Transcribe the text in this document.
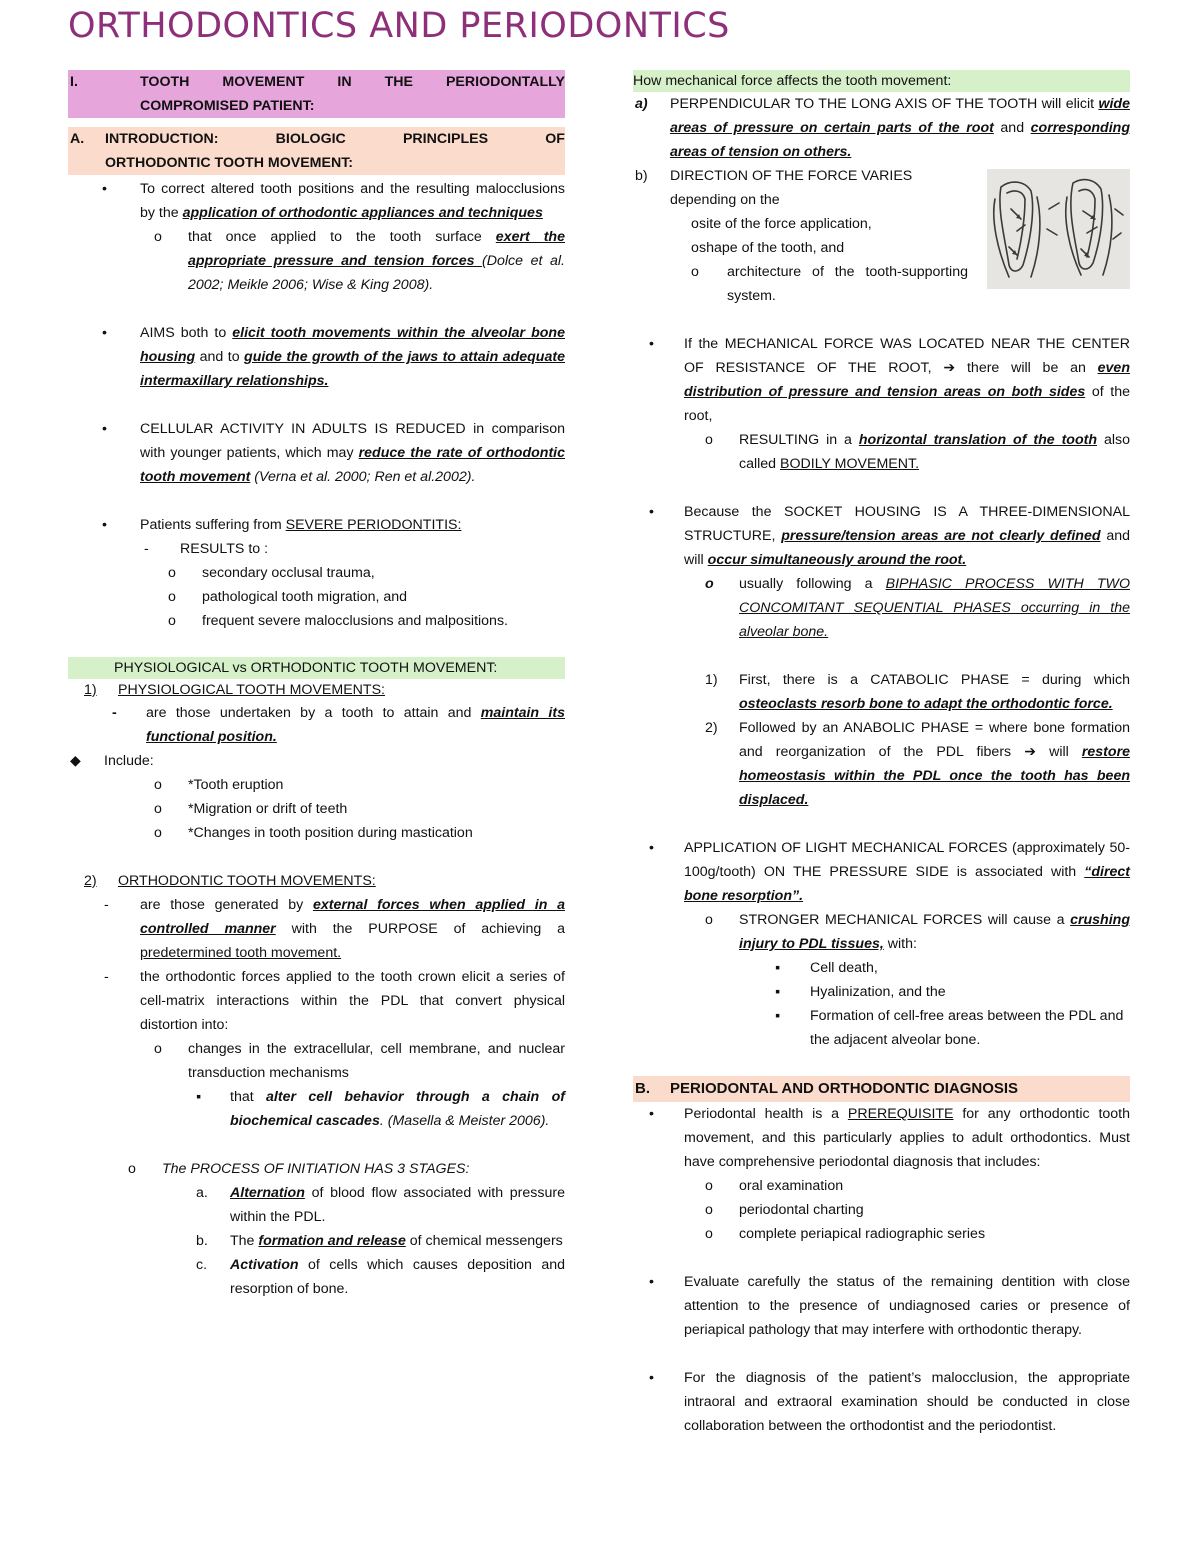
ORTHODONTICS AND PERIODONTICS
I.	TOOTH MOVEMENT IN THE PERIODONTALLY
COMPROMISED PATIENT:
A. INTRODUCTION:	BIOLOGIC	PRINCIPLES	OF
ORTHODONTIC TOOTH MOVEMENT:
• To correct altered tooth positions and the resulting malocclusions by the application of orthodontic appliances and techniques
o that once applied to the tooth surface exert the appropriate pressure and tension forces (Dolce et al. 2002; Meikle 2006; Wise & King 2008).
• AIMS both to elicit tooth movements within the alveolar bone housing and to guide the growth of the jaws to attain adequate intermaxillary relationships.
• CELLULAR ACTIVITY IN ADULTS IS REDUCED in comparison with younger patients, which may reduce the rate of orthodontic tooth movement (Verna et al. 2000; Ren et al.2002).
• Patients suffering from SEVERE PERIODONTITIS:
- RESULTS to :
o secondary occlusal trauma,
o pathological tooth migration, and
o frequent severe malocclusions and malpositions.
PHYSIOLOGICAL vs ORTHODONTIC TOOTH MOVEMENT:
1) PHYSIOLOGICAL TOOTH MOVEMENTS:
- are those undertaken by a tooth to attain and maintain its functional position.
◆ Include:
o *Tooth eruption
o *Migration or drift of teeth
o *Changes in tooth position during mastication
2) ORTHODONTIC TOOTH MOVEMENTS:
- are those generated by external forces when applied in a controlled manner with the PURPOSE of achieving a predetermined tooth movement.
- the orthodontic forces applied to the tooth crown elicit a series of cell-matrix interactions within the PDL that convert physical distortion into:
o changes in the extracellular, cell membrane, and nuclear transduction mechanisms
▪ that alter cell behavior through a chain of biochemical cascades. (Masella & Meister 2006).
o The PROCESS OF INITIATION HAS 3 STAGES:
a. Alternation of blood flow associated with pressure within the PDL.
b. The formation and release of chemical messengers
c. Activation of cells which causes deposition and resorption of bone.
How mechanical force affects the tooth movement:
a) PERPENDICULAR TO THE LONG AXIS OF THE TOOTH will elicit wide areas of pressure on certain parts of the root and corresponding areas of tension on others.
b) DIRECTION OF THE FORCE VARIES depending on the
o site of the force application,
o shape of the tooth, and
o architecture of the tooth-supporting system.
• If the MECHANICAL FORCE WAS LOCATED NEAR THE CENTER OF RESISTANCE OF THE ROOT, ➔ there will be an even distribution of pressure and tension areas on both sides of the root,
o RESULTING in a horizontal translation of the tooth also called BODILY MOVEMENT.
• Because the SOCKET HOUSING IS A THREE-DIMENSIONAL STRUCTURE, pressure/tension areas are not clearly defined and will occur simultaneously around the root.
o usually following a BIPHASIC PROCESS WITH TWO CONCOMITANT SEQUENTIAL PHASES occurring in the alveolar bone.
1) First, there is a CATABOLIC PHASE = during which osteoclasts resorb bone to adapt the orthodontic force.
2) Followed by an ANABOLIC PHASE = where bone formation and reorganization of the PDL fibers ➔ will restore homeostasis within the PDL once the tooth has been displaced.
• APPLICATION OF LIGHT MECHANICAL FORCES (approximately 50-100g/tooth) ON THE PRESSURE SIDE is associated with “direct bone resorption”.
o STRONGER MECHANICAL FORCES will cause a crushing injury to PDL tissues, with:
▪ Cell death,
▪ Hyalinization, and the
▪ Formation of cell-free areas between the PDL and the adjacent alveolar bone.
B. PERIODONTAL AND ORTHODONTIC DIAGNOSIS
• Periodontal health is a PREREQUISITE for any orthodontic tooth movement, and this particularly applies to adult orthodontics. Must have comprehensive periodontal diagnosis that includes:
o oral examination
o periodontal charting
o complete periapical radiographic series
• Evaluate carefully the status of the remaining dentition with close attention to the presence of undiagnosed caries or presence of periapical pathology that may interfere with orthodontic therapy.
• For the diagnosis of the patient’s malocclusion, the appropriate intraoral and extraoral examination should be conducted in close collaboration between the orthodontist and the periodontist.
